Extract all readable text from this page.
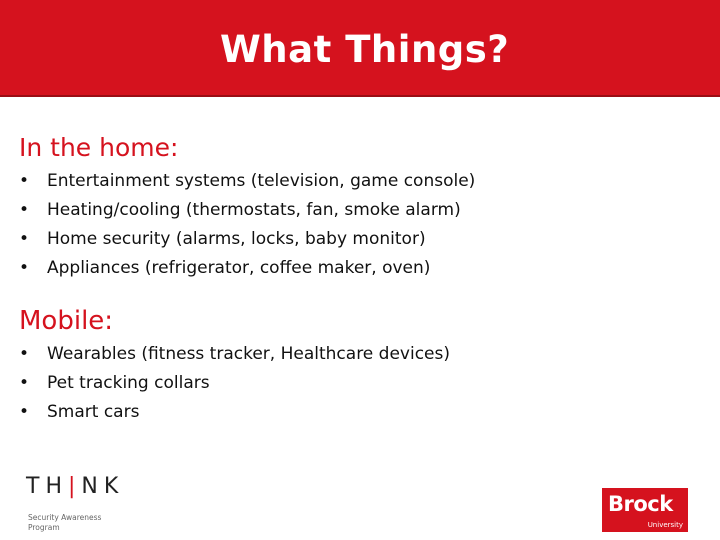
What Things?
In the home:
• Entertainment systems (television, game console)
• Heating/cooling (thermostats, fan, smoke alarm)
• Home security (alarms, locks, baby monitor)
• Appliances (refrigerator, coffee maker, oven)
Mobile:
• Wearables (fitness tracker, Healthcare devices)
• Pet tracking collars
• Smart cars
TH|NK
Security Awareness
Program
Brock
University
